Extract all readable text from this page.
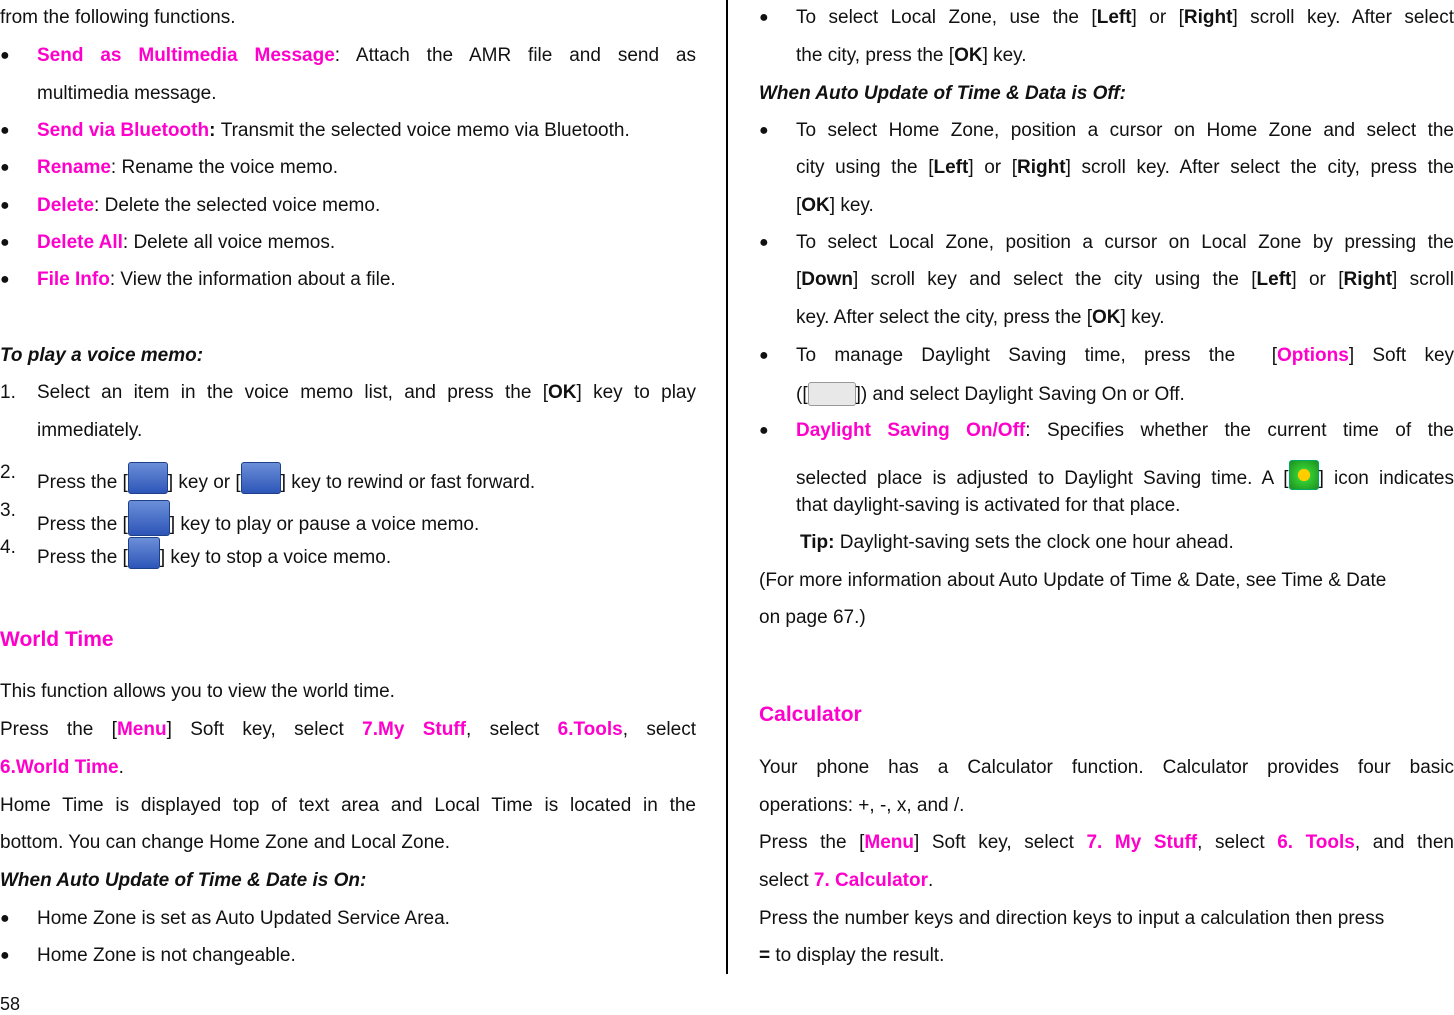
from the following functions.
● Send as Multimedia Message: Attach the AMR file and send as
multimedia message.
● Send via Bluetooth: Transmit the selected voice memo via Bluetooth.
● Rename: Rename the voice memo.
● Delete: Delete the selected voice memo.
● Delete All: Delete all voice memos.
● File Info: View the information about a file.
To play a voice memo:
1. Select an item in the voice memo list, and press the [OK] key to play
immediately.
2. Press the [ ] key or [ ] key to rewind or fast forward.
3.
Press the [ ] key to play or pause a voice memo.
4. Press the [ ] key to stop a voice memo.
World Time
This function allows you to view the world time.
Press the [Menu] Soft key, select 7.My Stuff, select 6.Tools, select
6.World Time.
Home Time is displayed top of text area and Local Time is located in the
bottom. You can change Home Zone and Local Zone.
When Auto Update of Time & Date is On:
● Home Zone is set as Auto Updated Service Area.
● Home Zone is not changeable.
58
● To select Local Zone, use the [Left] or [Right] scroll key. After select
the city, press the [OK] key.
When Auto Update of Time & Data is Off:
● To select Home Zone, position a cursor on Home Zone and select the
city using the [Left] or [Right] scroll key. After select the city, press the
[OK] key.
● To select Local Zone, position a cursor on Local Zone by pressing the
[Down] scroll key and select the city using the [Left] or [Right] scroll
key. After select the city, press the [OK] key.
● To manage Daylight Saving time, press the [Options] Soft key
([	]) and select Daylight Saving On or Off.
● Daylight Saving On/Off: Specifies whether the current time of the
selected place is adjusted to Daylight Saving time. A [ ] icon indicates
that daylight-saving is activated for that place.
Tip: Daylight-saving sets the clock one hour ahead.
(For more information about Auto Update of Time & Date, see Time & Date
on page 67.)
Calculator
Your phone has a Calculator function. Calculator provides four basic
operations: +, -, x, and /.
Press the [Menu] Soft key, select 7. My Stuff, select 6. Tools, and then
select 7. Calculator.
Press the number keys and direction keys to input a calculation then press
= to display the result.
